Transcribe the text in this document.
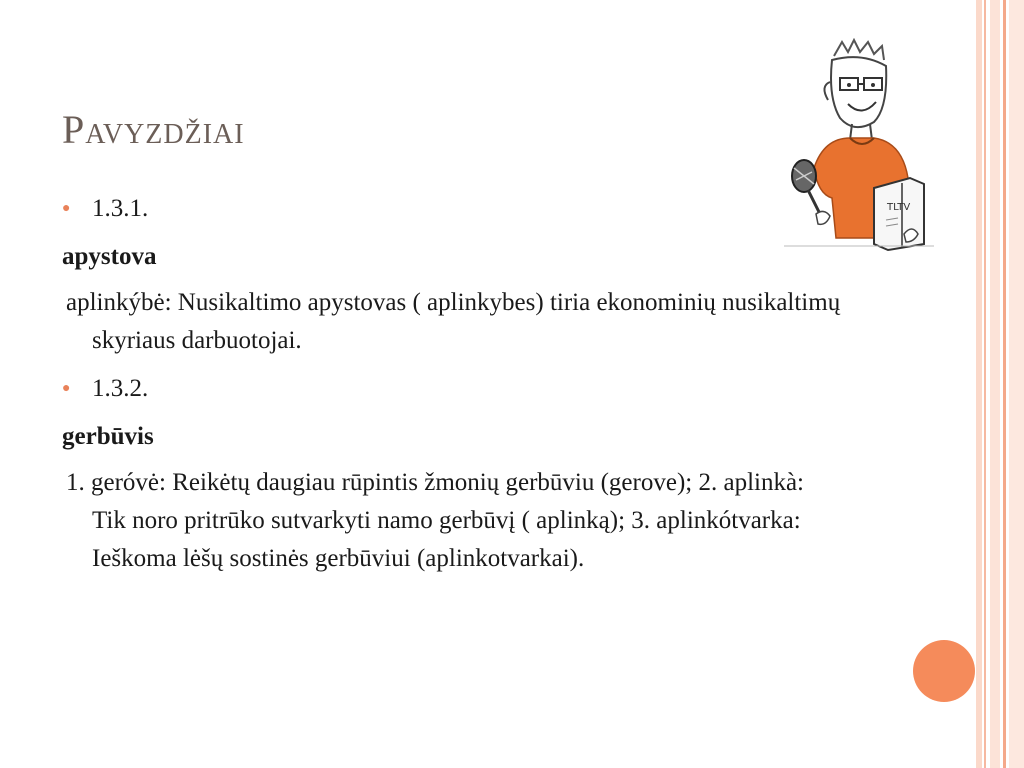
Pavyzdžiai
TLTV
● 1.3.1.
apystova
aplinkýbė: Nusikaltimo apystovas ( aplinkybes) tiria ekonominių nusikaltimų skyriaus darbuotojai.
● 1.3.2.
gerbūvis
1. geróvė: Reikėtų daugiau rūpintis žmonių gerbūviu (gerove); 2. aplinkà: Tik noro pritrūko sutvarkyti namo gerbūvį ( aplinką); 3. aplinkótvarka: Ieškoma lėšų sostinės gerbūviui (aplinkotvarkai).
